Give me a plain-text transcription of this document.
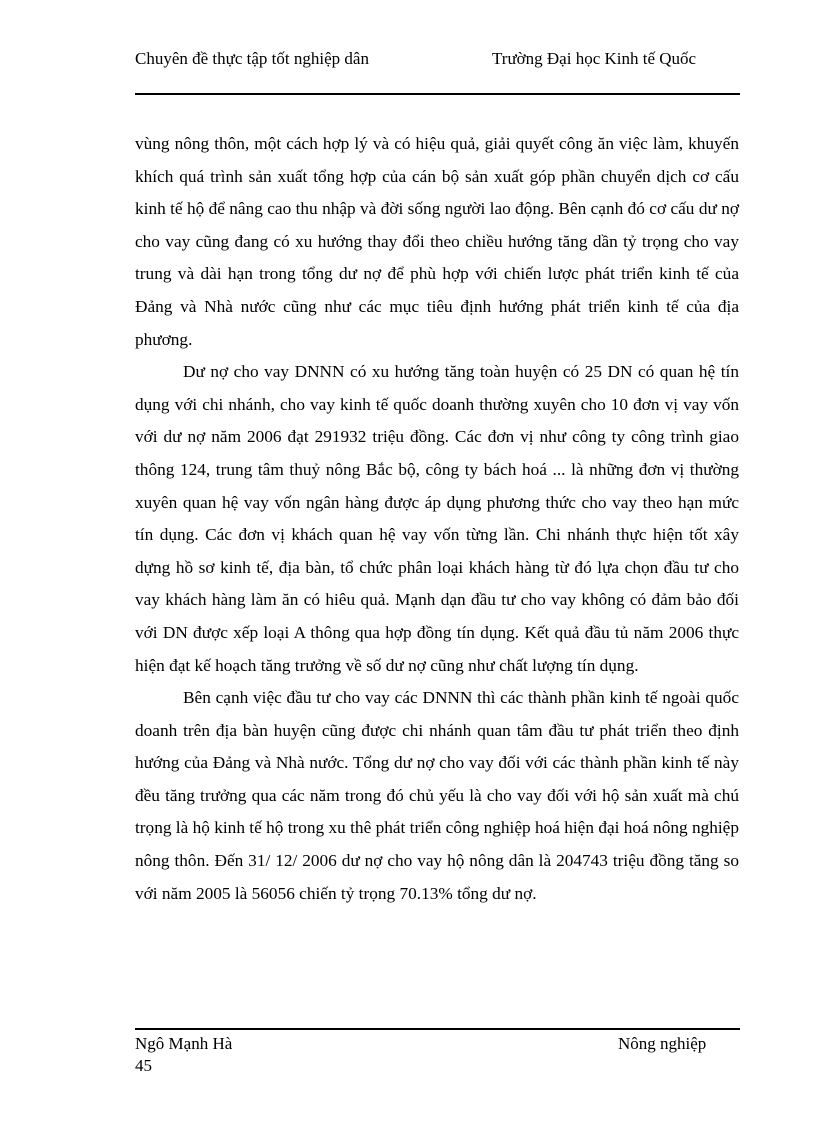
Chuyên đề thực tập tốt nghiệp dân	Trường Đại học Kinh tế Quốc

vùng nông thôn, một cách hợp lý và có hiệu quả, giải quyết công ăn việc làm, khuyến khích quá trình sản xuất tổng hợp của cán bộ sản xuất góp phần chuyển dịch cơ cấu kinh tế hộ để nâng cao thu nhập và đời sống người lao động. Bên cạnh đó cơ cấu dư nợ cho vay cũng đang có xu hướng thay đổi theo chiều hướng tăng dần tỷ trọng cho vay trung và dài hạn trong tổng dư nợ để phù hợp với chiến lược phát triển kinh tế của Đảng và Nhà nước cũng như các mục tiêu định hướng phát triển kinh tế của địa phương.

Dư nợ cho vay DNNN có xu hướng tăng toàn huyện có 25 DN có quan hệ tín dụng với chi nhánh, cho vay kinh tế quốc doanh thường xuyên cho 10 đơn vị vay vốn với dư nợ năm 2006 đạt 291932 triệu đồng. Các đơn vị như công ty công trình giao thông 124, trung tâm thuỷ nông Bắc bộ, công ty bách hoá ... là những đơn vị thường xuyên quan hệ vay vốn ngân hàng được áp dụng phương thức cho vay theo hạn mức tín dụng. Các đơn vị khách quan hệ vay vốn từng lần. Chi nhánh thực hiện tốt xây dựng hồ sơ kinh tế, địa bàn, tổ chức phân loại khách hàng từ đó lựa chọn đầu tư cho vay khách hàng làm ăn có hiêu quả. Mạnh dạn đầu tư cho vay không có đảm bảo đối với DN được xếp loại A thông qua hợp đồng tín dụng. Kết quả đầu tủ năm 2006 thực hiện đạt kế hoạch tăng trưởng về số dư nợ cũng như chất lượng tín dụng.

Bên cạnh việc đầu tư cho vay các DNNN thì các thành phần kinh tế ngoài quốc doanh trên địa bàn huyện cũng được chi nhánh quan tâm đầu tư phát triển theo định hướng của Đảng và Nhà nước. Tổng dư nợ cho vay đối với các thành phần kinh tế này đều tăng trưởng qua các năm trong đó chủ yếu là cho vay đối với hộ sản xuất mà chú trọng là hộ kinh tế hộ trong xu thê phát triển công nghiệp hoá hiện đại hoá nông nghiệp nông thôn. Đến 31/ 12/ 2006 dư nợ cho vay hộ nông dân là 204743 triệu đồng tăng so với năm 2005 là 56056 chiến tỷ trọng 70.13% tổng dư nợ.

Ngô Mạnh Hà
45
Nông nghiệp
